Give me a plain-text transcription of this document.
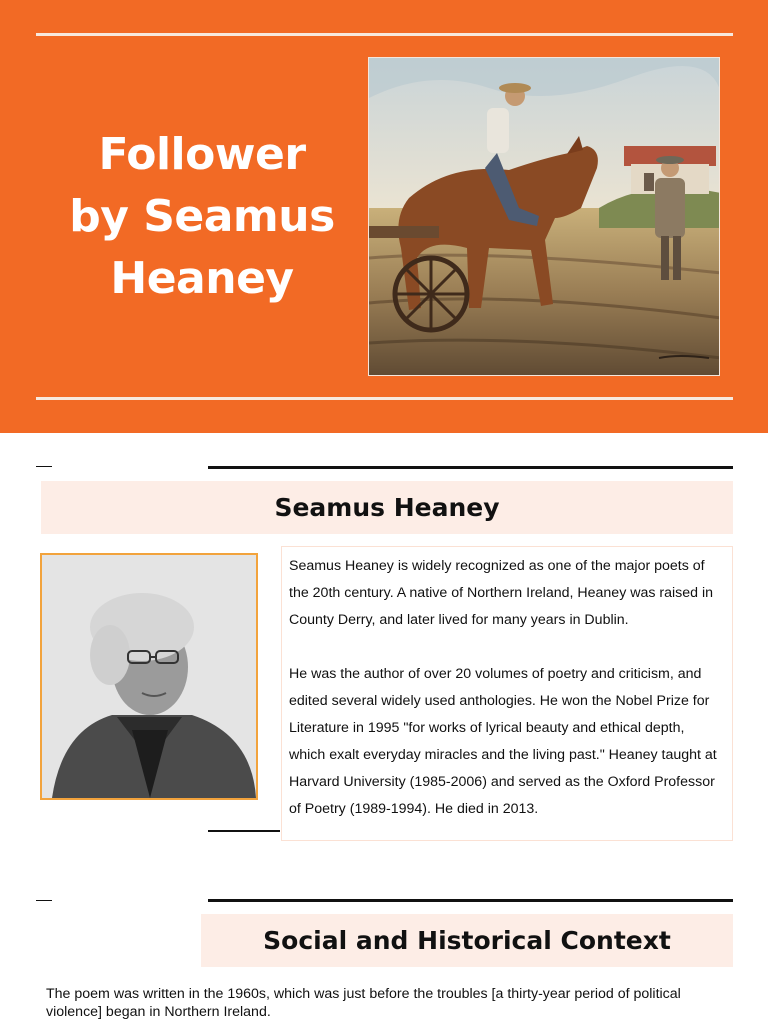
Follower
by Seamus
Heaney
Seamus Heaney

Seamus Heaney is widely recognized as one of the major poets of the 20th century. A native of Northern Ireland, Heaney was raised in County Derry, and later lived for many years in Dublin.

He was the author of over 20 volumes of poetry and criticism, and edited several widely used anthologies. He won the Nobel Prize for Literature in 1995 "for works of lyrical beauty and ethical depth, which exalt everyday miracles and the living past." Heaney taught at Harvard University (1985-2006) and served as the Oxford Professor of Poetry (1989-1994). He died in 2013.

Social and Historical Context

The poem was written in the 1960s, which was just before the troubles [a thirty-year period of political violence] began in Northern Ireland.
